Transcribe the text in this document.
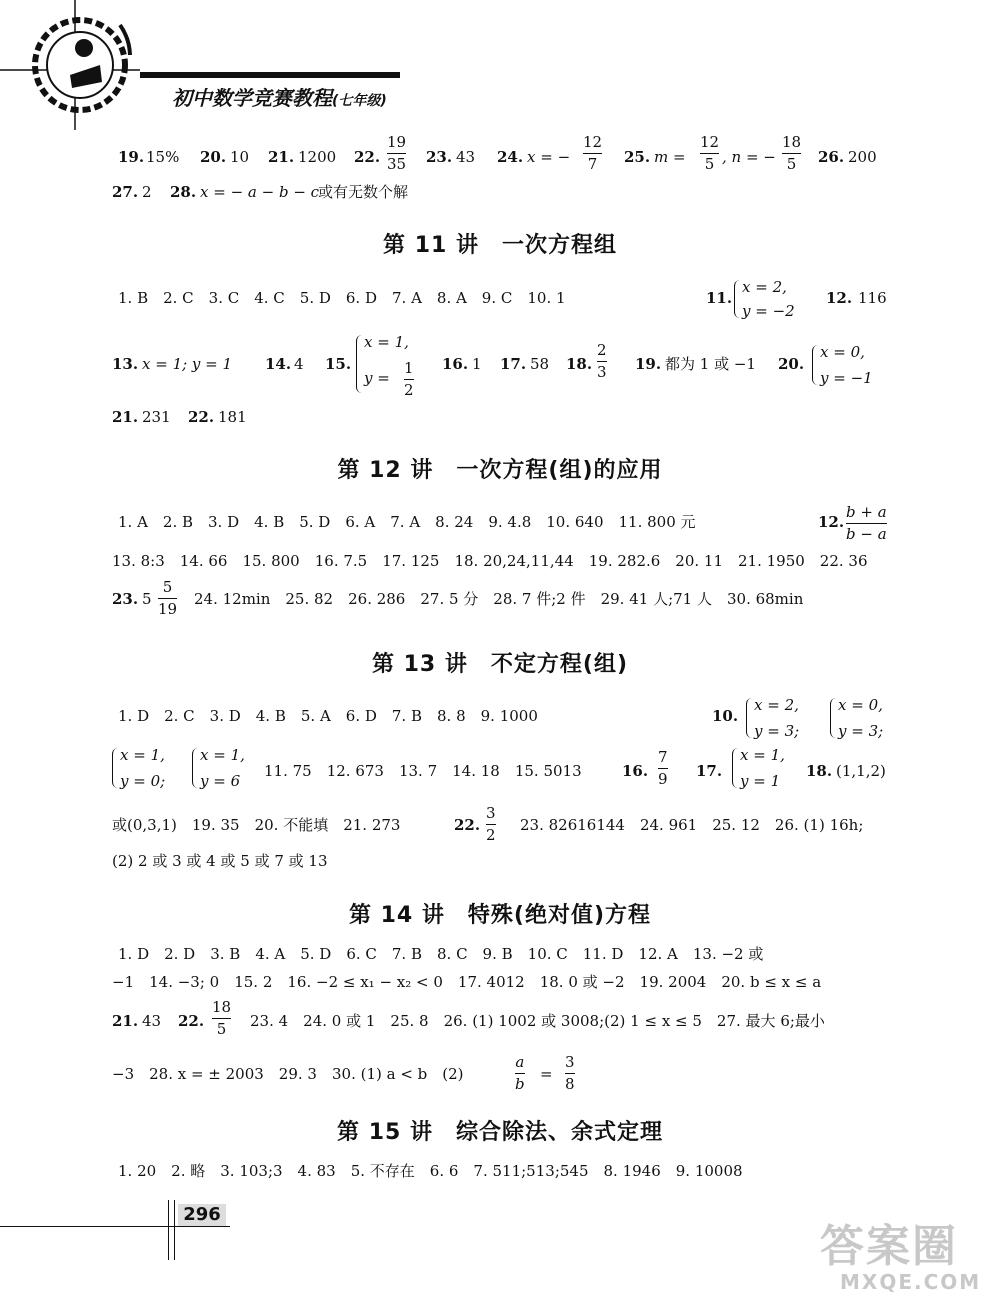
初中数学竞赛教程(七年级)
19. 15% 20. 10 21. 1200 22.
19
35 23. 43 24. x = −
12
7 25. m =
12
5 , n = −
18
5 26. 200
27. 2 28. x = − a − b − c
或有无数个解
第 11 讲　一次方程组
1. B　2. C　3. C　4. C　5. D　6. D　7. A　8. A　9. C　10. 1	11.
x = 2,
y = −2
12. 116
13. x = 1; y = 1 14. 4 15.
x = 1,
y =
1
2
16. 1 17. 58 18.
2
3 19. 都为 1 或 −1 20.
x = 0,
y = −1
21. 231 22. 181
第 12 讲　一次方程(组)的应用
1. A　2. B　3. D　4. B　5. D　6. A　7. A　8. 24　9. 4.8　10. 640　11. 800 元	12.
b + a
b − a
13. 8:3　14. 66　15. 800　16. 7.5　17. 125　18. 20,24,11,44　19. 282.6　20. 11　21. 1950　22. 36
23. 5
5
19
24. 12min　25. 82　26. 286　27. 5 分　28. 7 件;2 件　29. 41 人;71 人　30. 68min
第 13 讲　不定方程(组)
1. D　2. C　3. D　4. B　5. A　6. D　7. B　8. 8　9. 1000	10.
x = 2,
y = 3;
x = 0,
y = 3;
x = 1,
y = 0;
x = 1,
y = 6
11. 75　12. 673　13. 7　14. 18　15. 5013	16.
7
9 17.
x = 1,
y = 1
18. (1,1,2)
或(0,3,1)　19. 35　20. 不能填　21. 273	22.
3
2
23. 82616144　24. 961　25. 12　26. (1) 16h;
(2) 2 或 3 或 4 或 5 或 7 或 13
第 14 讲　特殊(绝对值)方程
1. D　2. D　3. B　4. A　5. D　6. C　7. B　8. C　9. B　10. C　11. D　12. A　13. −2 或
−1　14. −3; 0　15. 2　16. −2 ≤ x₁ − x₂ < 0　17. 4012　18. 0 或 −2　19. 2004　20. b ≤ x ≤ a
21. 43 22.
18
5 23. 4　24. 0 或 1　25. 8　26. (1) 1002 或 3008;(2) 1 ≤ x ≤ 5　27. 最大 6;最小
−3　28. x = ± 2003　29. 3　30. (1) a < b　(2)
a
b
=
3
8
第 15 讲　综合除法、余式定理
1. 20　2. 略　3. 103;3　4. 83　5. 不存在　6. 6　7. 511;513;545　8. 1946　9. 10008
296
答案圈
MXQE.COM
